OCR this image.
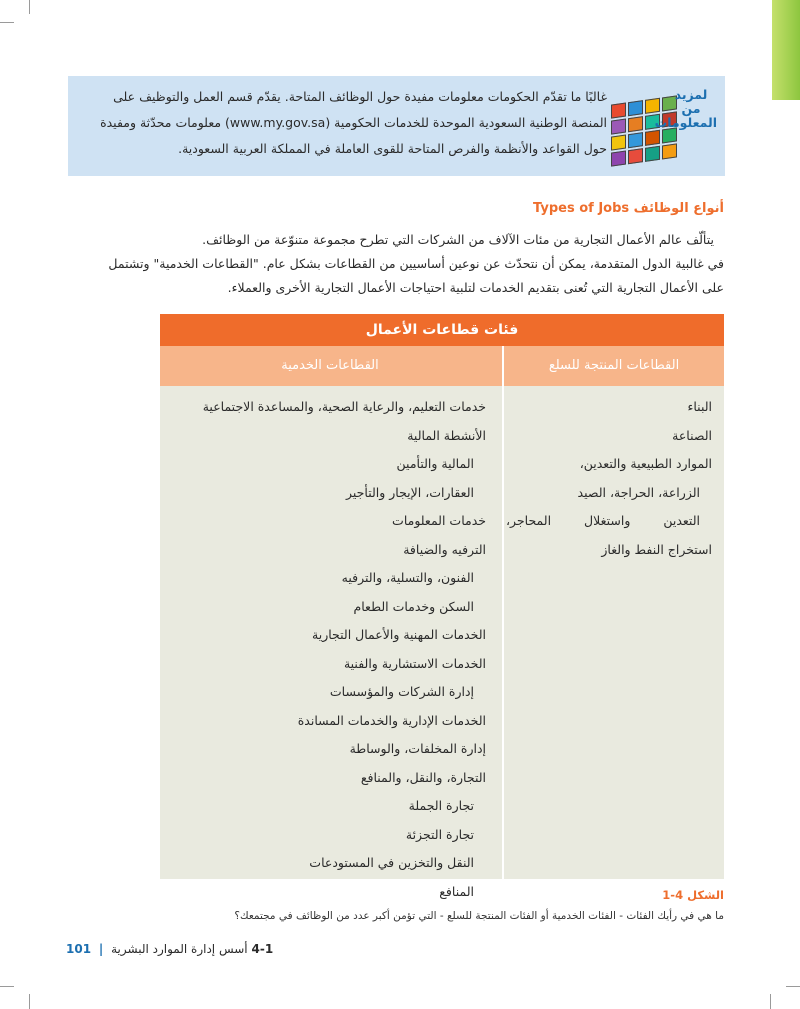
لمزيد من
المعلومات
غالبًا ما تقدّم الحكومات معلومات مفيدة حول الوظائف المتاحة. يقدّم قسم العمل والتوظيف على
المنصة الوطنية السعودية الموحدة للخدمات الحكومية (www.my.gov.sa) معلومات محدّثة ومفيدة
حول القواعد والأنظمة والفرص المتاحة للقوى العاملة في المملكة العربية السعودية.
أنواع الوظائف Types of Jobs
يتألّف عالم الأعمال التجارية من مئات الآلاف من الشركات التي تطرح مجموعة متنوّعة من الوظائف.
في غالبية الدول المتقدمة، يمكن أن نتحدّث عن نوعين أساسيين من القطاعات بشكل عام. "القطاعات الخدمية" وتشتمل
على الأعمال التجارية التي تُعنى بتقديم الخدمات لتلبية احتياجات الأعمال التجارية الأخرى والعملاء.
فئات قطاعات الأعمال
القطاعات المنتجة للسلع
القطاعات الخدمية
البناء
الصناعة
الموارد الطبيعية والتعدين،
الزراعة، الحراجة، الصيد
التعدين واستغلال المحاجر،
استخراج النفط والغاز
خدمات التعليم، والرعاية الصحية، والمساعدة الاجتماعية
الأنشطة المالية
المالية والتأمين
العقارات، الإيجار والتأجير
خدمات المعلومات
الترفيه والضيافة
الفنون، والتسلية، والترفيه
السكن وخدمات الطعام
الخدمات المهنية والأعمال التجارية
الخدمات الاستشارية والفنية
إدارة الشركات والمؤسسات
الخدمات الإدارية والخدمات المساندة
إدارة المخلفات، والوساطة
التجارة، والنقل، والمنافع
تجارة الجملة
تجارة التجزئة
النقل والتخزين في المستودعات
المنافع	الشكل 4-1
ما هي في رأيك الفئات - الفئات الخدمية أو الفئات المنتجة للسلع - التي تؤمن أكبر عدد من الوظائف في مجتمعك؟
4-1 أسس إدارة الموارد البشرية | 101
